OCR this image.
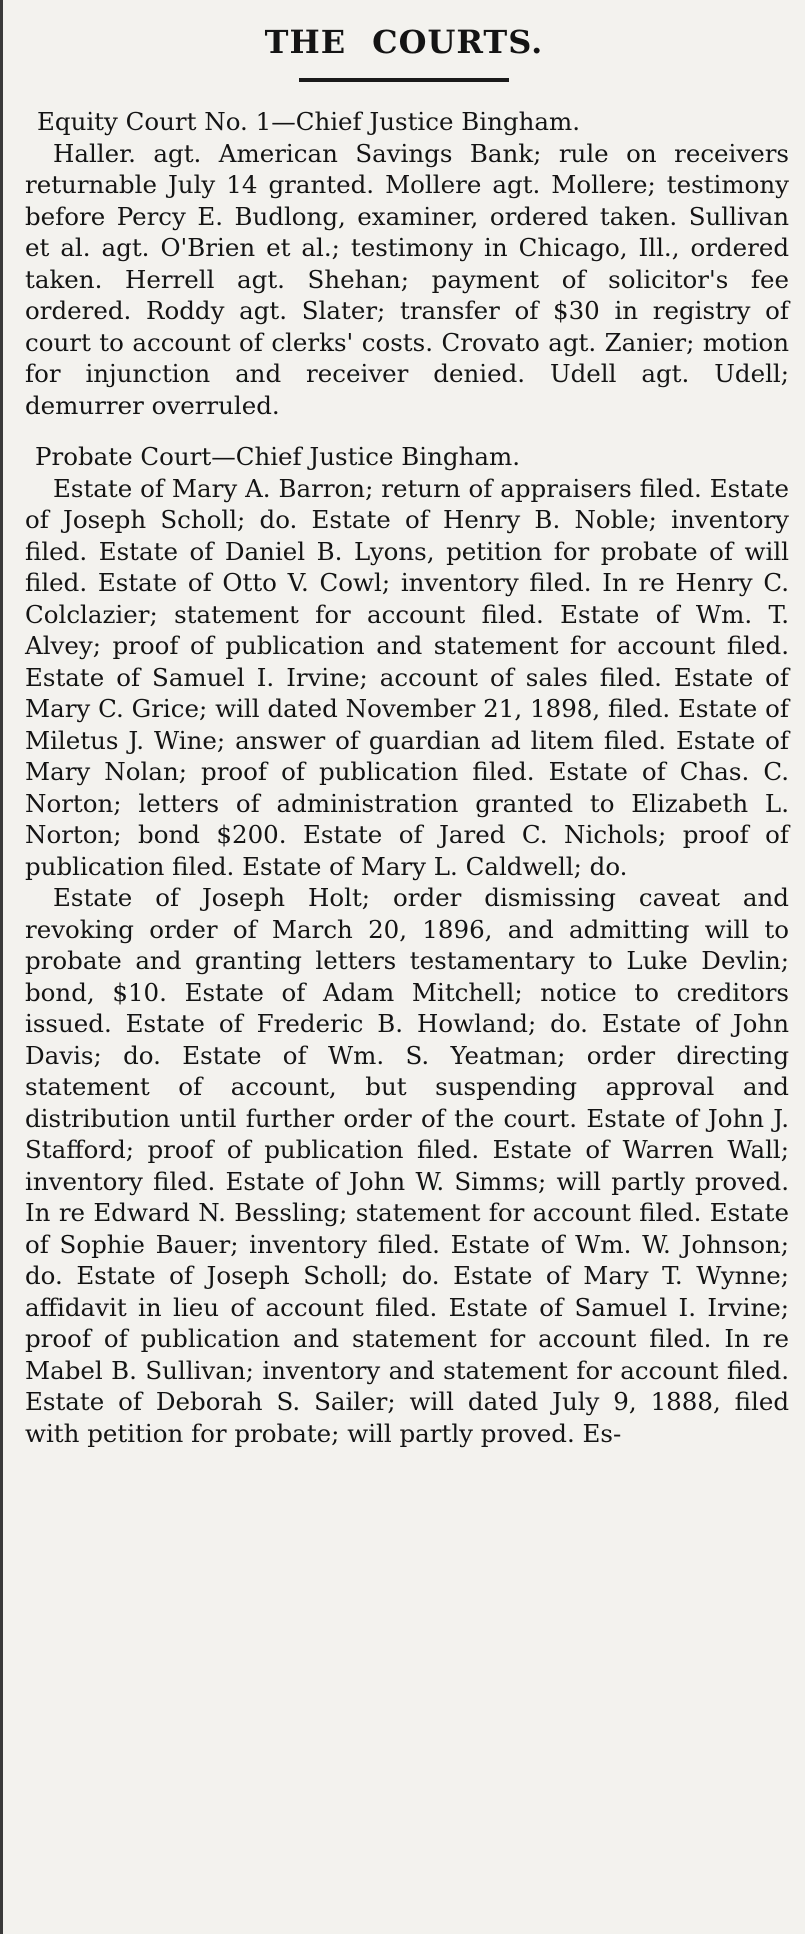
THE COURTS.

Equity Court No. 1—Chief Justice Bingham.

Haller. agt. American Savings Bank; rule on receivers returnable July 14 granted. Mollere agt. Mollere; testimony before Percy E. Budlong, examiner, ordered taken. Sullivan et al. agt. O'Brien et al.; testimony in Chicago, Ill., ordered taken. Herrell agt. Shehan; payment of solicitor's fee ordered. Roddy agt. Slater; transfer of $30 in registry of court to account of clerks' costs. Crovato agt. Zanier; motion for injunction and receiver denied. Udell agt. Udell; demurrer overruled.

Probate Court—Chief Justice Bingham.

Estate of Mary A. Barron; return of appraisers filed. Estate of Joseph Scholl; do. Estate of Henry B. Noble; inventory filed. Estate of Daniel B. Lyons, petition for probate of will filed. Estate of Otto V. Cowl; inventory filed. In re Henry C. Colclazier; statement for account filed. Estate of Wm. T. Alvey; proof of publication and statement for account filed. Estate of Samuel I. Irvine; account of sales filed. Estate of Mary C. Grice; will dated November 21, 1898, filed. Estate of Miletus J. Wine; answer of guardian ad litem filed. Estate of Mary Nolan; proof of publication filed. Estate of Chas. C. Norton; letters of administration granted to Elizabeth L. Norton; bond $200. Estate of Jared C. Nichols; proof of publication filed. Estate of Mary L. Caldwell; do.

Estate of Joseph Holt; order dismissing caveat and revoking order of March 20, 1896, and admitting will to probate and granting letters testamentary to Luke Devlin; bond, $10. Estate of Adam Mitchell; notice to creditors issued. Estate of Frederic B. Howland; do. Estate of John Davis; do. Estate of Wm. S. Yeatman; order directing statement of account, but suspending approval and distribution until further order of the court. Estate of John J. Stafford; proof of publication filed. Estate of Warren Wall; inventory filed. Estate of John W. Simms; will partly proved. In re Edward N. Bessling; statement for account filed. Estate of Sophie Bauer; inventory filed. Estate of Wm. W. Johnson; do. Estate of Joseph Scholl; do. Estate of Mary T. Wynne; affidavit in lieu of account filed. Estate of Samuel I. Irvine; proof of publication and statement for account filed. In re Mabel B. Sullivan; inventory and statement for account filed. Estate of Deborah S. Sailer; will dated July 9, 1888, filed with petition for probate; will partly proved. Es-
